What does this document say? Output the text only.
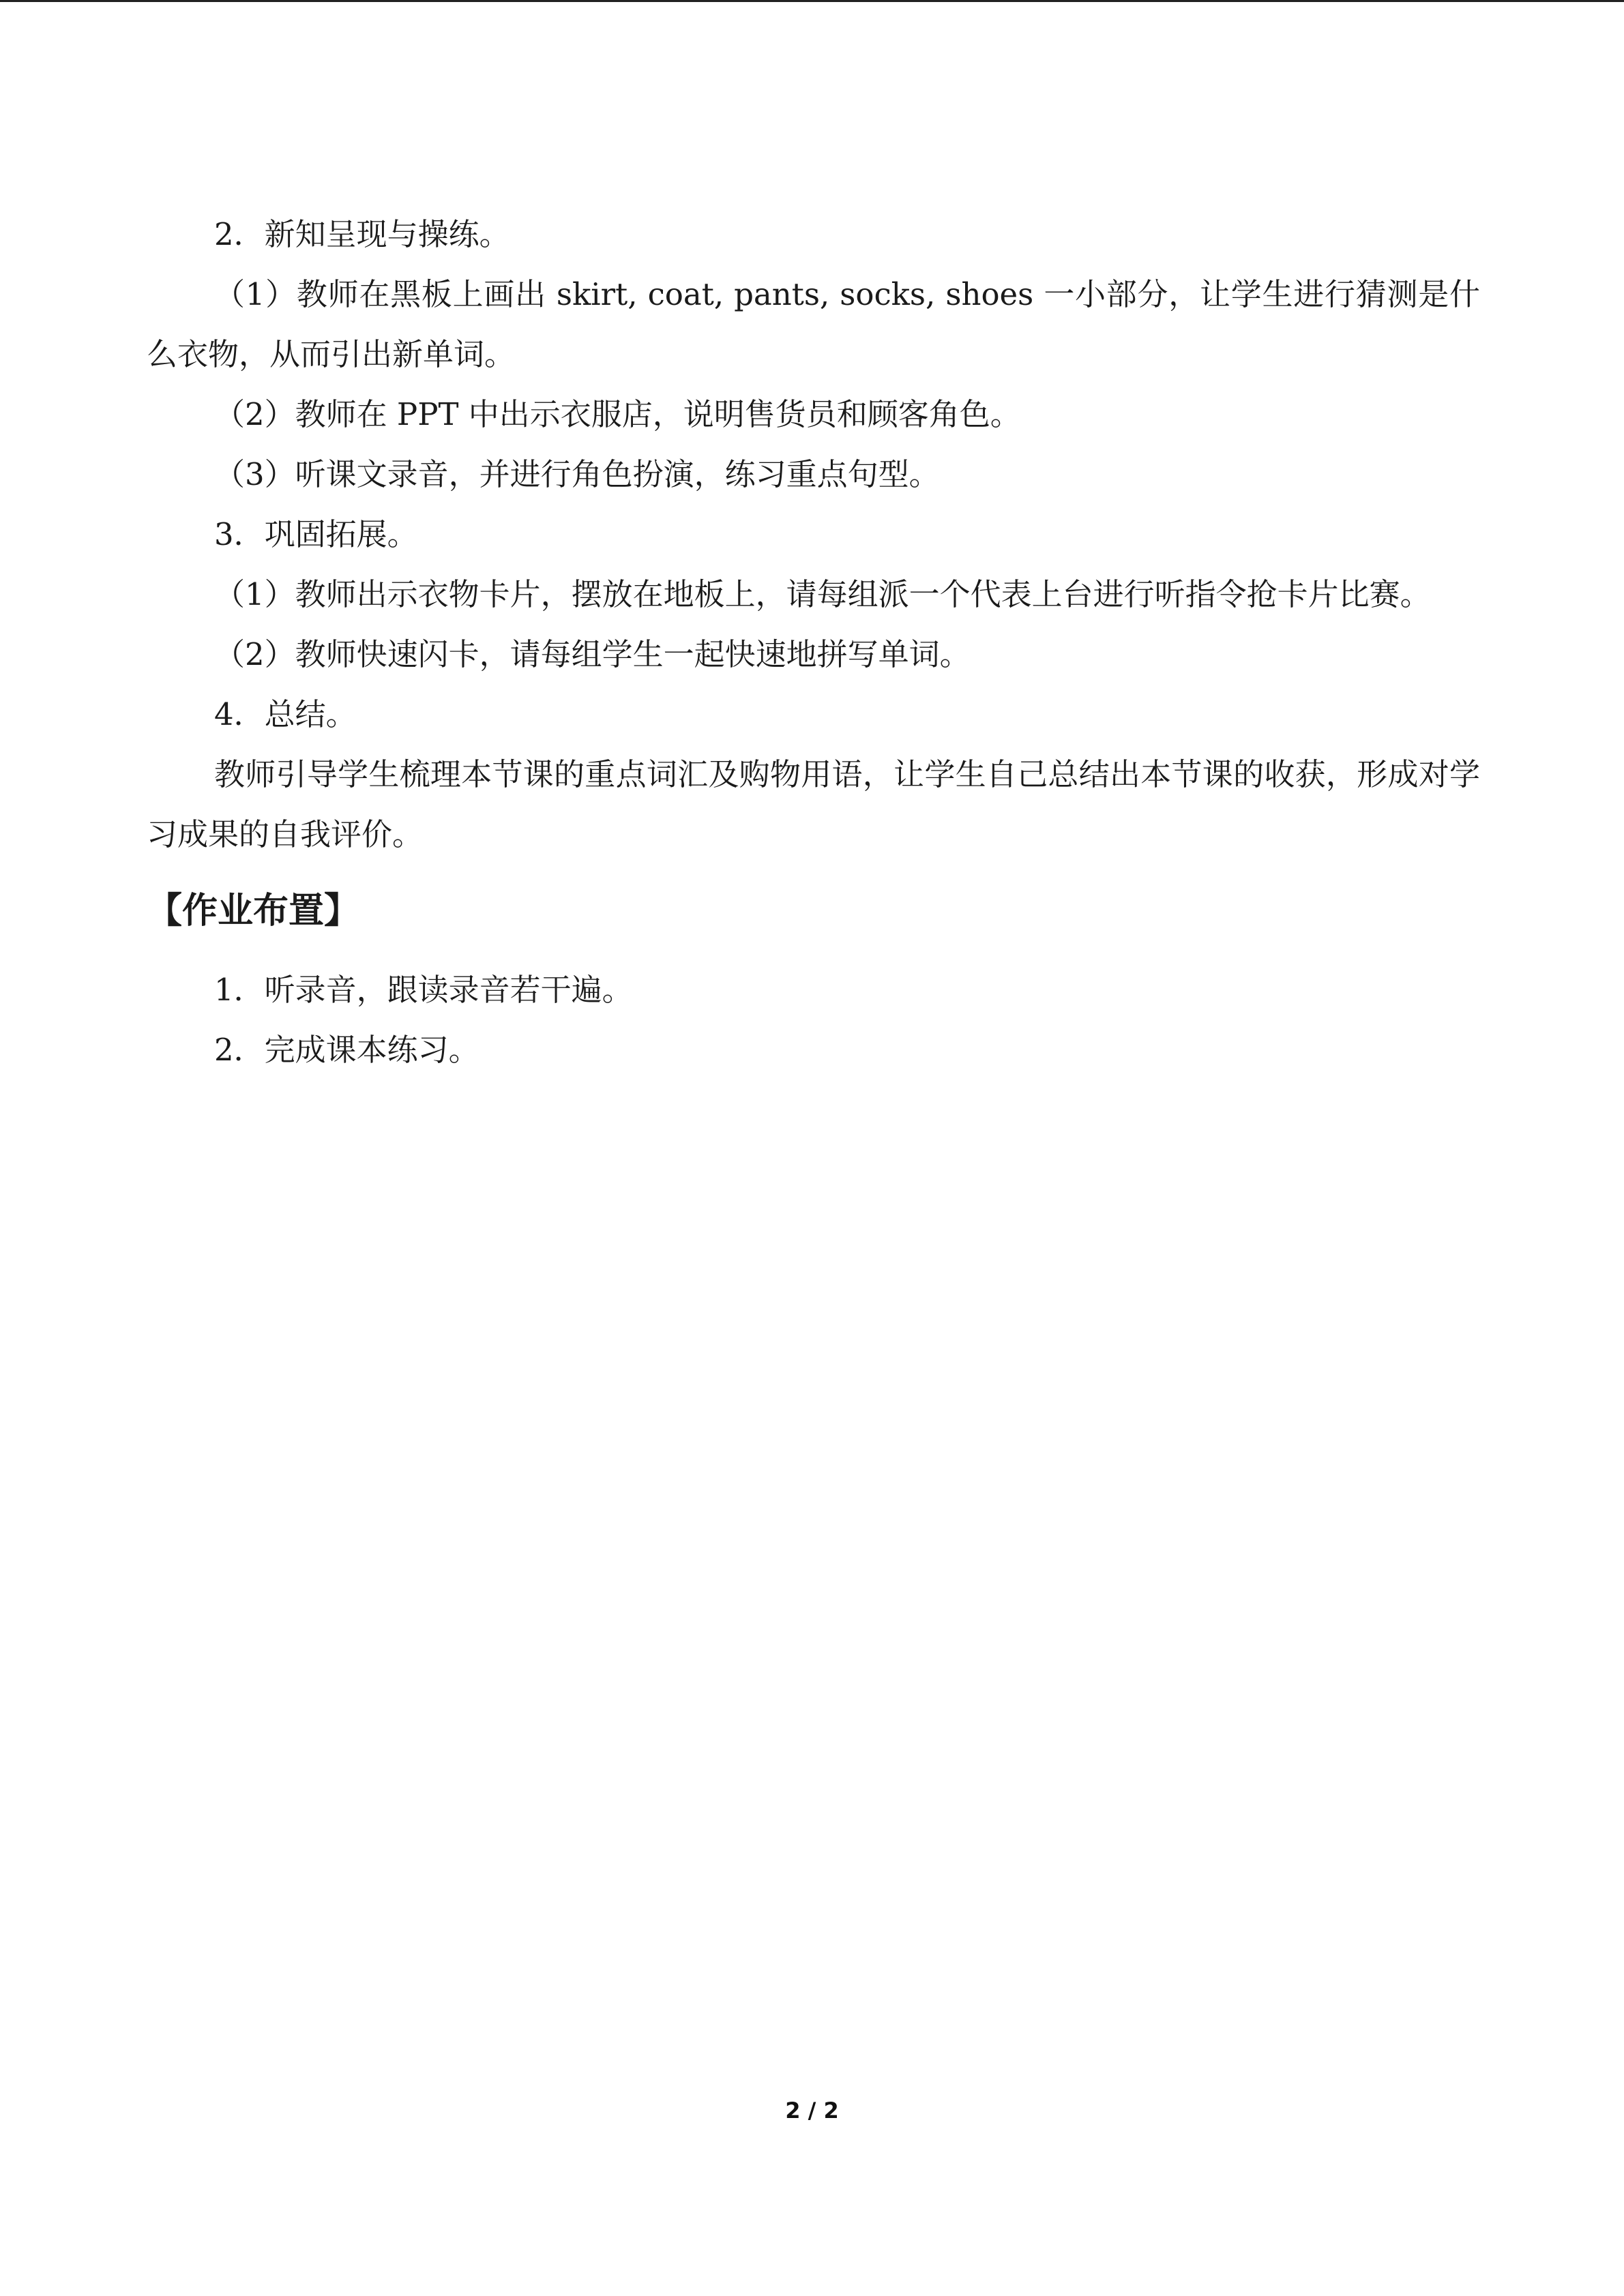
2．新知呈现与操练。

（1）教师在黑板上画出 skirt, coat, pants, socks, shoes 一小部分，让学生进行猜测是什么衣物，从而引出新单词。

（2）教师在 PPT 中出示衣服店，说明售货员和顾客角色。

（3）听课文录音，并进行角色扮演，练习重点句型。

3．巩固拓展。

（1）教师出示衣物卡片，摆放在地板上，请每组派一个代表上台进行听指令抢卡片比赛。

（2）教师快速闪卡，请每组学生一起快速地拼写单词。

4．总结。

教师引导学生梳理本节课的重点词汇及购物用语，让学生自己总结出本节课的收获，形成对学习成果的自我评价。

【作业布置】

1．听录音，跟读录音若干遍。

2．完成课本练习。

2 / 2
